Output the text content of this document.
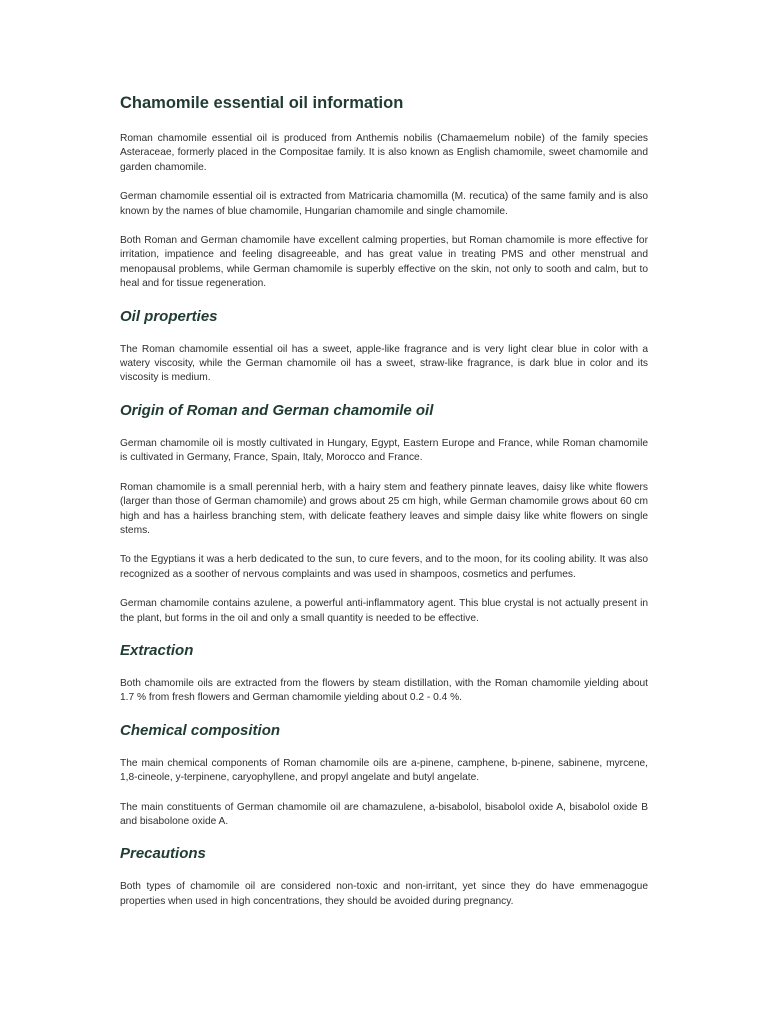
Chamomile essential oil information

Roman chamomile essential oil is produced from Anthemis nobilis (Chamaemelum nobile) of the family species Asteraceae, formerly placed in the Compositae family. It is also known as English chamomile, sweet chamomile and garden chamomile.

German chamomile essential oil is extracted from Matricaria chamomilla (M. recutica) of the same family and is also known by the names of blue chamomile, Hungarian chamomile and single chamomile.

Both Roman and German chamomile have excellent calming properties, but Roman chamomile is more effective for irritation, impatience and feeling disagreeable, and has great value in treating PMS and other menstrual and menopausal problems, while German chamomile is superbly effective on the skin, not only to sooth and calm, but to heal and for tissue regeneration.

Oil properties

The Roman chamomile essential oil has a sweet, apple-like fragrance and is very light clear blue in color with a watery viscosity, while the German chamomile oil has a sweet, straw-like fragrance, is dark blue in color and its viscosity is medium.

Origin of Roman and German chamomile oil

German chamomile oil is mostly cultivated in Hungary, Egypt, Eastern Europe and France, while Roman chamomile is cultivated in Germany, France, Spain, Italy, Morocco and France.

Roman chamomile is a small perennial herb, with a hairy stem and feathery pinnate leaves, daisy like white flowers (larger than those of German chamomile) and grows about 25 cm high, while German chamomile grows about 60 cm high and has a hairless branching stem, with delicate feathery leaves and simple daisy like white flowers on single stems.

To the Egyptians it was a herb dedicated to the sun, to cure fevers, and to the moon, for its cooling ability. It was also recognized as a soother of nervous complaints and was used in shampoos, cosmetics and perfumes.

German chamomile contains azulene, a powerful anti-inflammatory agent. This blue crystal is not actually present in the plant, but forms in the oil and only a small quantity is needed to be effective.

Extraction

Both chamomile oils are extracted from the flowers by steam distillation, with the Roman chamomile yielding about 1.7 % from fresh flowers and German chamomile yielding about 0.2 - 0.4 %.

Chemical composition

The main chemical components of Roman chamomile oils are a-pinene, camphene, b-pinene, sabinene, myrcene, 1,8-cineole, y-terpinene, caryophyllene, and propyl angelate and butyl angelate.

The main constituents of German chamomile oil are chamazulene, a-bisabolol, bisabolol oxide A, bisabolol oxide B and bisabolone oxide A.

Precautions

Both types of chamomile oil are considered non-toxic and non-irritant, yet since they do have emmenagogue properties when used in high concentrations, they should be avoided during pregnancy.
